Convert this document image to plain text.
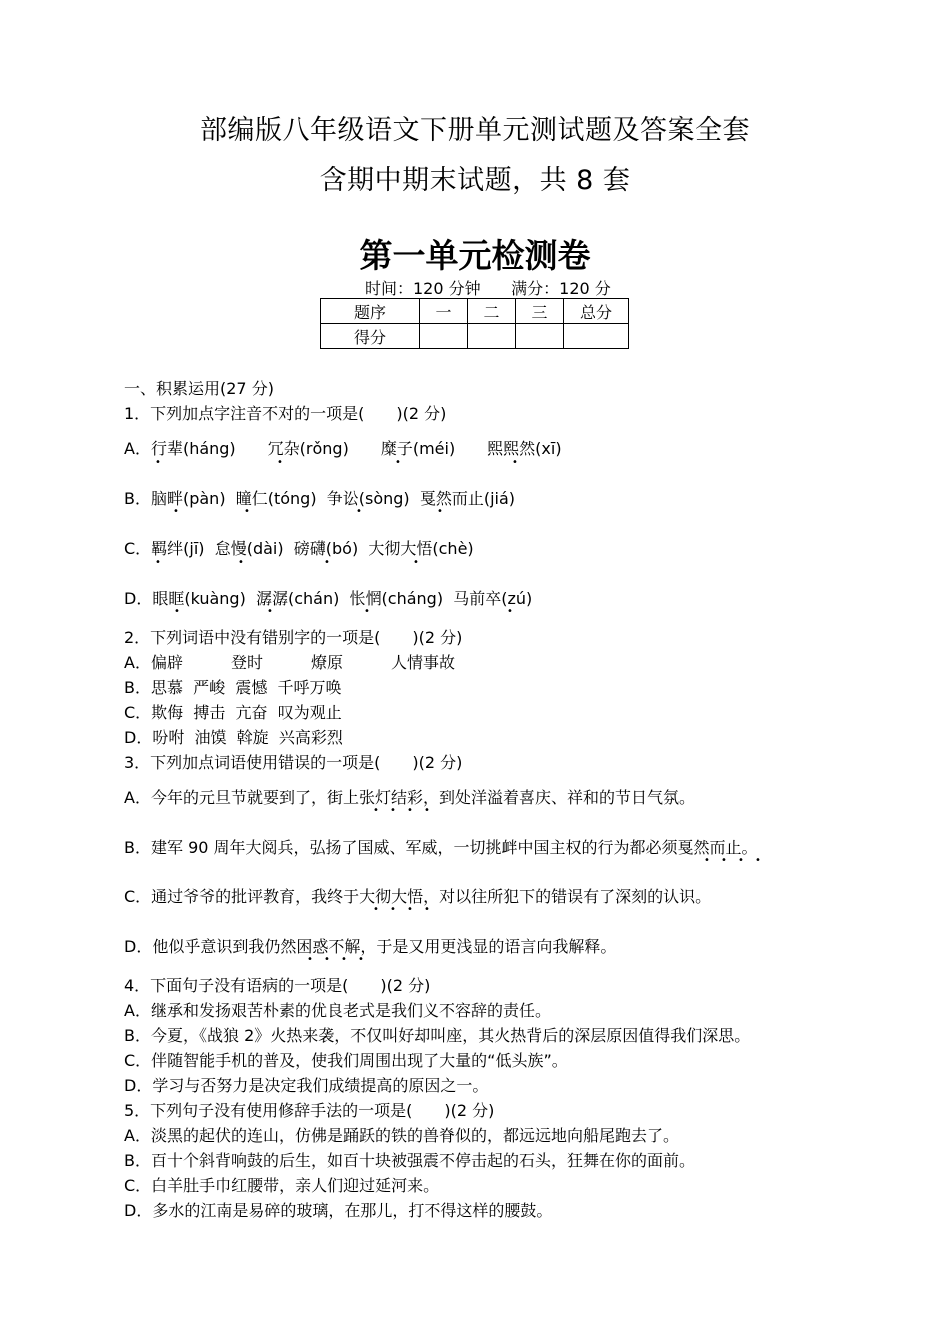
部编版八年级语文下册单元测试题及答案全套
含期中期末试题，共 8 套
第一单元检测卷
时间：120 分钟 满分：120 分
题序	一	二	三	总分
得分				
一、积累运用(27 分)
1．下列加点字注音不对的一项是(　　)(2 分)
A．行辈(háng)　　冗杂(rǒng)　　糜子(méi)　　熙熙然(xī)
B．脑畔(pàn)  瞳仁(tóng)  争讼(sòng)  戛然而止(jiá)
C．羁绊(jī)  怠慢(dài)  磅礴(bó)  大彻大悟(chè)
D．眼眶(kuàng)  潺潺(chán)  怅惘(cháng)  马前卒(zú)
2．下列词语中没有错别字的一项是(　　)(2 分)
A．偏辟　　　登时　　　燎原　　　人情事故
B．思慕  严峻  震憾  千呼万唤
C．欺侮  搏击  亢奋  叹为观止
D．吩咐  油馍  斡旋  兴高彩烈
3．下列加点词语使用错误的一项是(　　)(2 分)
A．今年的元旦节就要到了，街上张灯结彩，到处洋溢着喜庆、祥和的节日气氛。
B．建军 90 周年大阅兵，弘扬了国威、军威，一切挑衅中国主权的行为都必须戛然而止。
C．通过爷爷的批评教育，我终于大彻大悟，对以往所犯下的错误有了深刻的认识。
D．他似乎意识到我仍然困惑不解，于是又用更浅显的语言向我解释。
4．下面句子没有语病的一项是(　　)(2 分)
A．继承和发扬艰苦朴素的优良老式是我们义不容辞的责任。
B．今夏，《战狼 2》火热来袭，不仅叫好却叫座，其火热背后的深层原因值得我们深思。
C．伴随智能手机的普及，使我们周围出现了大量的“低头族”。
D．学习与否努力是决定我们成绩提高的原因之一。
5．下列句子没有使用修辞手法的一项是(　　)(2 分)
A．淡黑的起伏的连山，仿佛是踊跃的铁的兽脊似的，都远远地向船尾跑去了。
B．百十个斜背响鼓的后生，如百十块被强震不停击起的石头，狂舞在你的面前。
C．白羊肚手巾红腰带，亲人们迎过延河来。
D．多水的江南是易碎的玻璃，在那儿，打不得这样的腰鼓。
•	•	•	•
•	•	•	•
•	•	•	•
•	•	•	•
• • • •
• • • •
• • • •
• • • •
